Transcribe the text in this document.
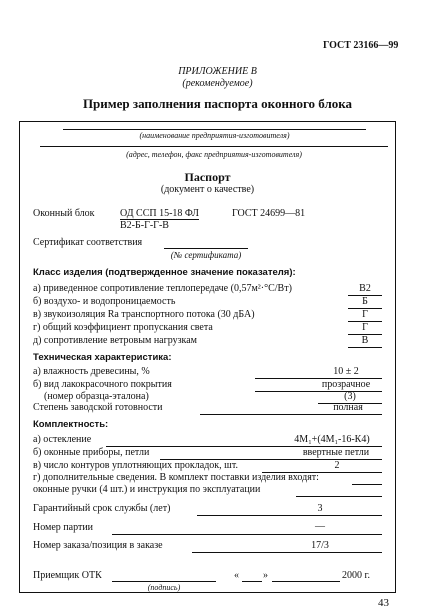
ГОСТ 23166—99
ПРИЛОЖЕНИЕ В
(рекомендуемое)
Пример заполнения паспорта оконного блока
(наименование предприятия-изготовителя)
(адрес, телефон, факс предприятия-изготовителя)
Паспорт
(документ о качестве)
Оконный блок	ОД ССП 15-18 ФЛ	ГОСТ 24699—81
В2-Б-Г-Г-В
Сертификат соответствия
(№ сертификата)
Класс изделия (подтвержденное значение показателя):
а) приведенное сопротивление теплопередаче (0,57м²·°С/Вт)	В2
б) воздухо- и водопроницаемость	Б
в) звукоизоляция Rа транспортного потока (30 дБА)	Г
г) общий коэффициент пропускания света	Г
д) сопротивление ветровым нагрузкам	В
Техническая характеристика:
а) влажность древесины, %	10 ± 2
б) вид лакокрасочного покрытия	прозрачное
(номер образца-эталона)	(3)
Степень заводской готовности	полная
Комплектность:
а) остекление	4М₁+(4М₁-16-К4)
б) оконные приборы, петли	ввертные петли
в) число контуров уплотняющих прокладок, шт.	2
г) дополнительные сведения. В комплект поставки изделия входят:
оконные ручки (4 шт.) и инструкция по эксплуатации
Гарантийный срок службы (лет)	3
Номер партии	—
Номер заказа/позиция в заказе	17/3
Приемщик ОТК
(подпись)
« »	2000 г.
43
